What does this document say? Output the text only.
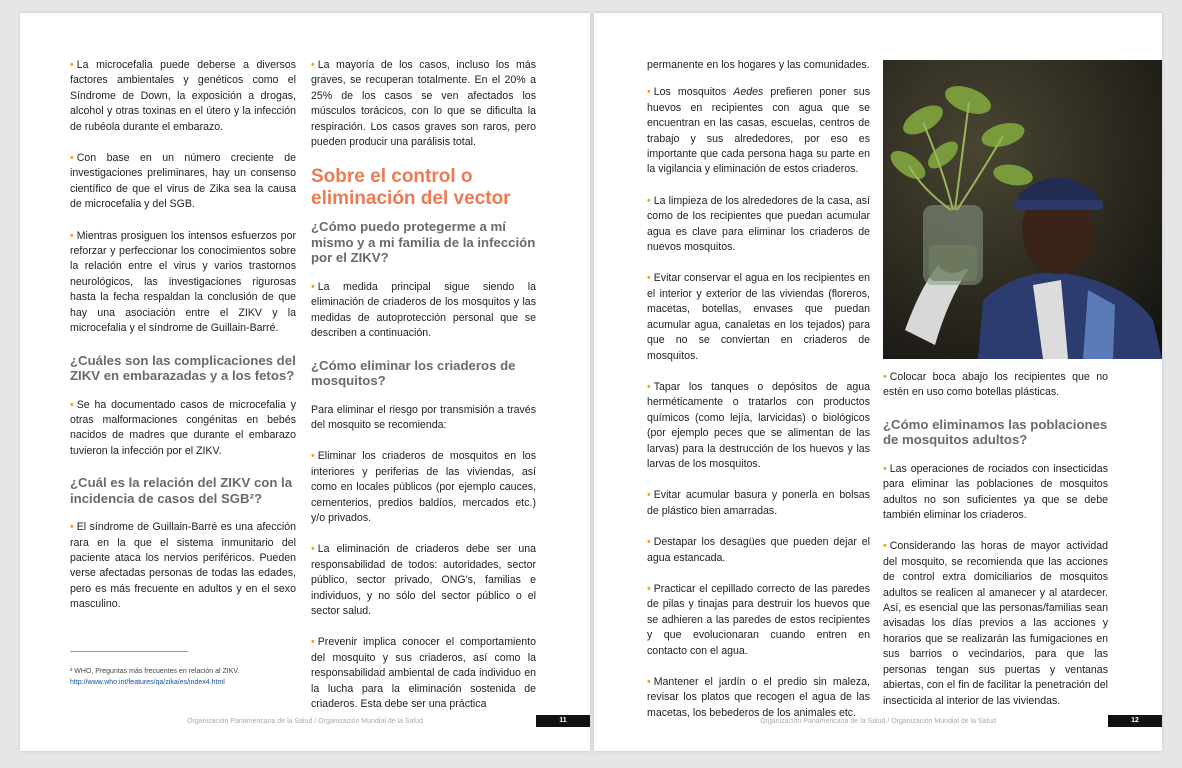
• La microcefalia puede deberse a diversos factores ambientales y genéticos como el Síndrome de Down, la exposición a drogas, alcohol y otras toxinas en el útero y la infección de rubéola durante el embarazo.

• Con base en un número creciente de investigaciones preliminares, hay un consenso científico de que el virus de Zika sea la causa de microcefalia y del SGB.

• Mientras prosiguen los intensos esfuerzos por reforzar y perfeccionar los conocimientos sobre la relación entre el virus y varios trastornos neurológicos, las investigaciones rigurosas hasta la fecha respaldan la conclusión de que hay una asociación entre el ZIKV y la microcefalia y el síndrome de Guillain-Barré.

¿Cuáles son las complicaciones del ZIKV en embarazadas y a los fetos?

• Se ha documentado casos de microcefalia y otras malformaciones congénitas en bebés nacidos de madres que durante el embarazo tuvieron la infección por el ZIKV.

¿Cuál es la relación del ZIKV con la incidencia de casos del SGB²?

• El síndrome de Guillain-Barré es una afección rara en la que el sistema inmunitario del paciente ataca los nervios periféricos. Pueden verse afectadas personas de todas las edades, pero es más frecuente en adultos y en el sexo masculino.

² WHO, Preguntas más frecuentes en relación al ZIKV.
http://www.who.int/features/qa/zika/es/index4.html

• La mayoría de los casos, incluso los más graves, se recuperan totalmente. En el 20% a 25% de los casos se ven afectados los músculos torácicos, con lo que se dificulta la respiración. Los casos graves son raros, pero pueden producir una parálisis total.

Sobre el control o eliminación del vector
¿Cómo puedo protegerme a mí mismo y a mi familia de la infección por el ZIKV?

• La medida principal sigue siendo la eliminación de criaderos de los mosquitos y las medidas de autoprotección personal que se describen a continuación.

¿Cómo eliminar los criaderos de mosquitos?

Para eliminar el riesgo por transmisión a través del mosquito se recomienda:

• Eliminar los criaderos de mosquitos en los interiores y periferias de las viviendas, así como en locales públicos (por ejemplo cauces, cementerios, predios baldíos, mercados etc.) y/o privados.

• La eliminación de criaderos debe ser una responsabilidad de todos: autoridades, sector público, sector privado, ONG's, familias e individuos, y no sólo del sector público o el sector salud.

• Prevenir implica conocer el comportamiento del mosquito y sus criaderos, así como la responsabilidad ambiental de cada individuo en la lucha para la eliminación sostenida de criaderos. Esta debe ser una práctica

Organización Panamericana de la Salud / Organización Mundial de la Salud	11

permanente en los hogares y las comunidades.

• Los mosquitos Aedes prefieren poner sus huevos en recipientes con agua que se encuentran en las casas, escuelas, centros de trabajo y sus alrededores, por eso es importante que cada persona haga su parte en la vigilancia y eliminación de estos criaderos.

• La limpieza de los alrededores de la casa, así como de los recipientes que puedan acumular agua es clave para eliminar los criaderos de nuevos mosquitos.

• Evitar conservar el agua en los recipientes en el interior y exterior de las viviendas (floreros, macetas, botellas, envases que puedan acumular agua, canaletas en los tejados) para que no se conviertan en criaderos de mosquitos.

• Tapar los tanques o depósitos de agua herméticamente o tratarlos con productos químicos (como lejía, larvicidas) o biológicos (por ejemplo peces que se alimentan de las larvas) para la destrucción de los huevos y las larvas de los mosquitos.

• Evitar acumular basura y ponerla en bolsas de plástico bien amarradas.

• Destapar los desagües que pueden dejar el agua estancada.

• Practicar el cepillado correcto de las paredes de pilas y tinajas para destruir los huevos que se adhieren a las paredes de estos recipientes y que evolucionaran cuando entren en contacto con el agua.

• Mantener el jardín o el predio sin maleza, revisar los platos que recogen el agua de las macetas, los bebederos de los animales etc.

• Colocar boca abajo los recipientes que no estén en uso como botellas plásticas.

¿Cómo eliminamos las poblaciones de mosquitos adultos?

• Las operaciones de rociados con insecticidas para eliminar las poblaciones de mosquitos adultos no son suficientes ya que se debe también eliminar los criaderos.

• Considerando las horas de mayor actividad del mosquito, se recomienda que las acciones de control extra domiciliarios de mosquitos adultos se realicen al amanecer y al atardecer. Así, es esencial que las personas/familias sean avisadas los días previos a las acciones y horarios que se realizarán las fumigaciones en sus barrios o vecindarios, para que las personas tengan sus puertas y ventanas abiertas, con el fin de facilitar la penetración del insecticida al interior de las viviendas.

Organización Panamericana de la Salud / Organización Mundial de la Salud	12
